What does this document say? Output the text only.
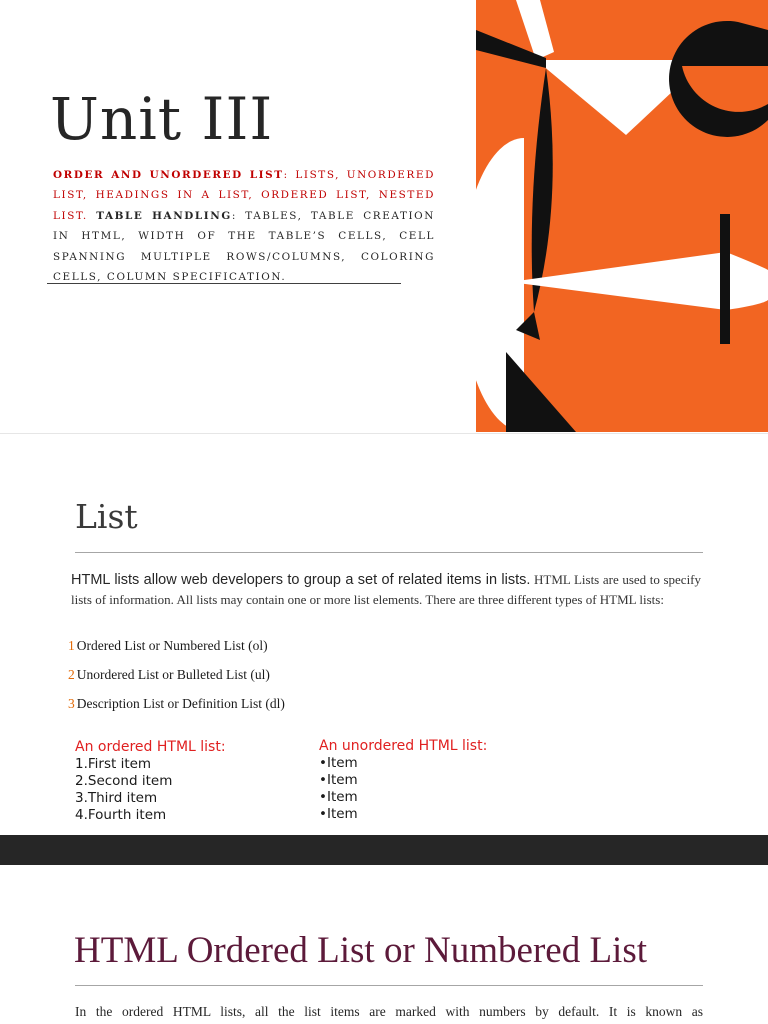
Unit III
ORDER AND UNORDERED LIST: LISTS, UNORDERED LIST, HEADINGS IN A LIST, ORDERED LIST, NESTED LIST. TABLE HANDLING: TABLES, TABLE CREATION IN HTML, WIDTH OF THE TABLE’S CELLS, CELL SPANNING MULTIPLE ROWS/COLUMNS, COLORING CELLS, COLUMN SPECIFICATION.
List
HTML lists allow web developers to group a set of related items in lists. HTML Lists are used to specify lists of information. All lists may contain one or more list elements. There are three different types of HTML lists:
1 Ordered List or Numbered List (ol)
2 Unordered List or Bulleted List (ul)
3 Description List or Definition List (dl)
An ordered HTML list:
1.First item
2.Second item
3.Third item
4.Fourth item
An unordered HTML list:
•Item
•Item
•Item
•Item
HTML Ordered List or Numbered List
In the ordered HTML lists, all the list items are marked with numbers by default. It is known as
